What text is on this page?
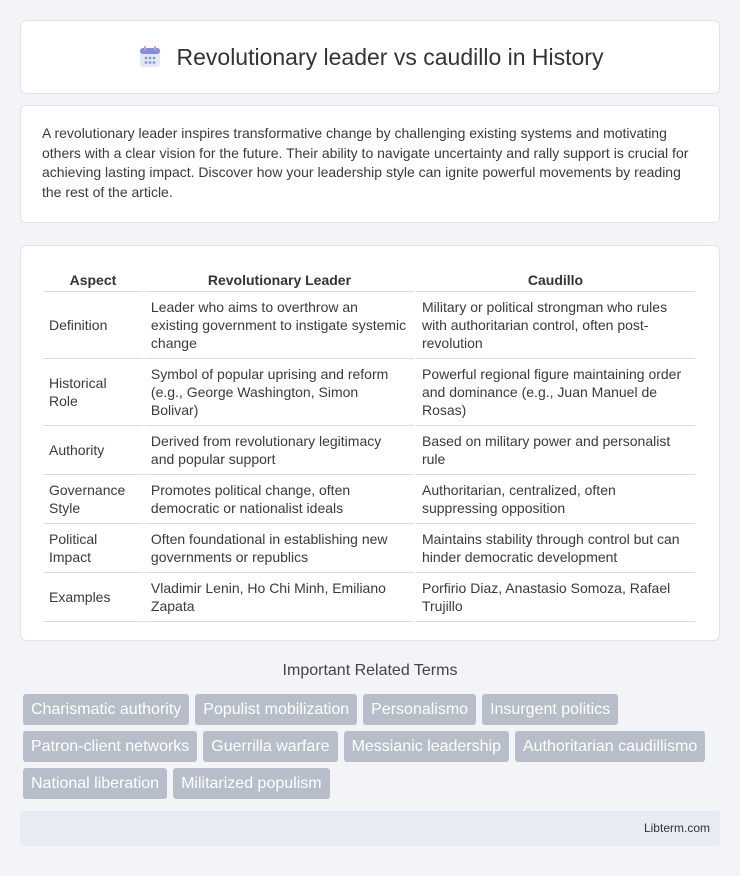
Revolutionary leader vs caudillo in History

A revolutionary leader inspires transformative change by challenging existing systems and motivating others with a clear vision for the future. Their ability to navigate uncertainty and rally support is crucial for achieving lasting impact. Discover how your leadership style can ignite powerful movements by reading the rest of the article.

Aspect	Revolutionary Leader	Caudillo
Definition	Leader who aims to overthrow an existing government to instigate systemic change	Military or political strongman who rules with authoritarian control, often post-revolution
Historical Role	Symbol of popular uprising and reform (e.g., George Washington, Simon Bolivar)	Powerful regional figure maintaining order and dominance (e.g., Juan Manuel de Rosas)
Authority	Derived from revolutionary legitimacy and popular support	Based on military power and personalist rule
Governance Style	Promotes political change, often democratic or nationalist ideals	Authoritarian, centralized, often suppressing opposition
Political Impact	Often foundational in establishing new governments or republics	Maintains stability through control but can hinder democratic development
Examples	Vladimir Lenin, Ho Chi Minh, Emiliano Zapata	Porfirio Diaz, Anastasio Somoza, Rafael Trujillo
Important Related Terms
Charismatic authority	Populist mobilization	Personalismo	Insurgent politics
Patron-client networks	Guerrilla warfare	Messianic leadership	Authoritarian caudillismo
National liberation	Militarized populism
Libterm.com
